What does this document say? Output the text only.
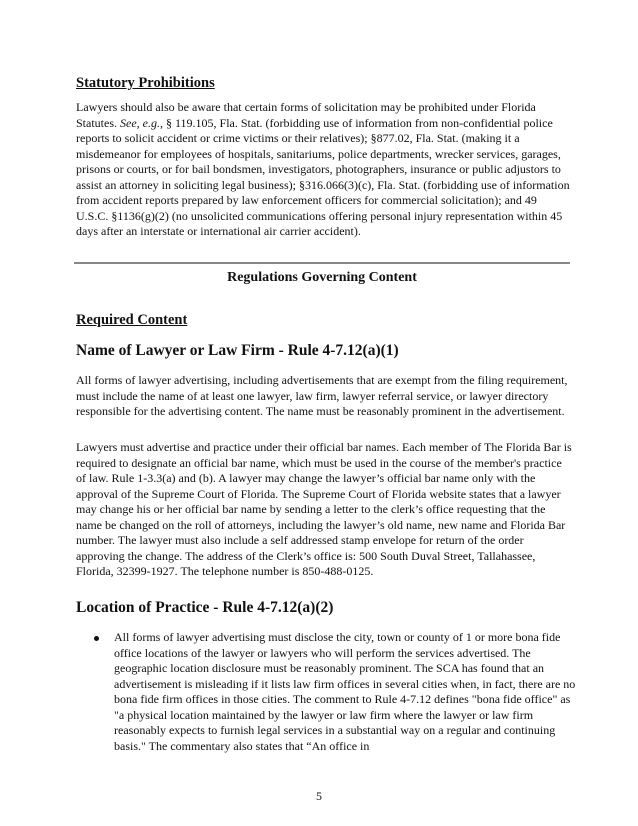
Statutory Prohibitions

Lawyers should also be aware that certain forms of solicitation may be prohibited under Florida Statutes. See, e.g., § 119.105, Fla. Stat. (forbidding use of information from non-confidential police reports to solicit accident or crime victims or their relatives); §877.02, Fla. Stat. (making it a misdemeanor for employees of hospitals, sanitariums, police departments, wrecker services, garages, prisons or courts, or for bail bondsmen, investigators, photographers, insurance or public adjustors to assist an attorney in soliciting legal business); §316.066(3)(c), Fla. Stat. (forbidding use of information from accident reports prepared by law enforcement officers for commercial solicitation); and 49 U.S.C. §1136(g)(2) (no unsolicited communications offering personal injury representation within 45 days after an interstate or international air carrier accident).

Regulations Governing Content
Required Content
Name of Lawyer or Law Firm - Rule 4-7.12(a)(1)

All forms of lawyer advertising, including advertisements that are exempt from the filing requirement, must include the name of at least one lawyer, law firm, lawyer referral service, or lawyer directory responsible for the advertising content. The name must be reasonably prominent in the advertisement.

Lawyers must advertise and practice under their official bar names. Each member of The Florida Bar is required to designate an official bar name, which must be used in the course of the member's practice of law. Rule 1-3.3(a) and (b). A lawyer may change the lawyer’s official bar name only with the approval of the Supreme Court of Florida. The Supreme Court of Florida website states that a lawyer may change his or her official bar name by sending a letter to the clerk’s office requesting that the name be changed on the roll of attorneys, including the lawyer’s old name, new name and Florida Bar number. The lawyer must also include a self addressed stamp envelope for return of the order approving the change. The address of the Clerk’s office is: 500 South Duval Street, Tallahassee, Florida, 32399-1927. The telephone number is 850-488-0125.

Location of Practice - Rule 4-7.12(a)(2)

All forms of lawyer advertising must disclose the city, town or county of 1 or more bona fide office locations of the lawyer or lawyers who will perform the services advertised. The geographic location disclosure must be reasonably prominent. The SCA has found that an advertisement is misleading if it lists law firm offices in several cities when, in fact, there are no bona fide firm offices in those cities. The comment to Rule 4-7.12 defines "bona fide office" as "a physical location maintained by the lawyer or law firm where the lawyer or law firm reasonably expects to furnish legal services in a substantial way on a regular and continuing basis." The commentary also states that “An office in

5
